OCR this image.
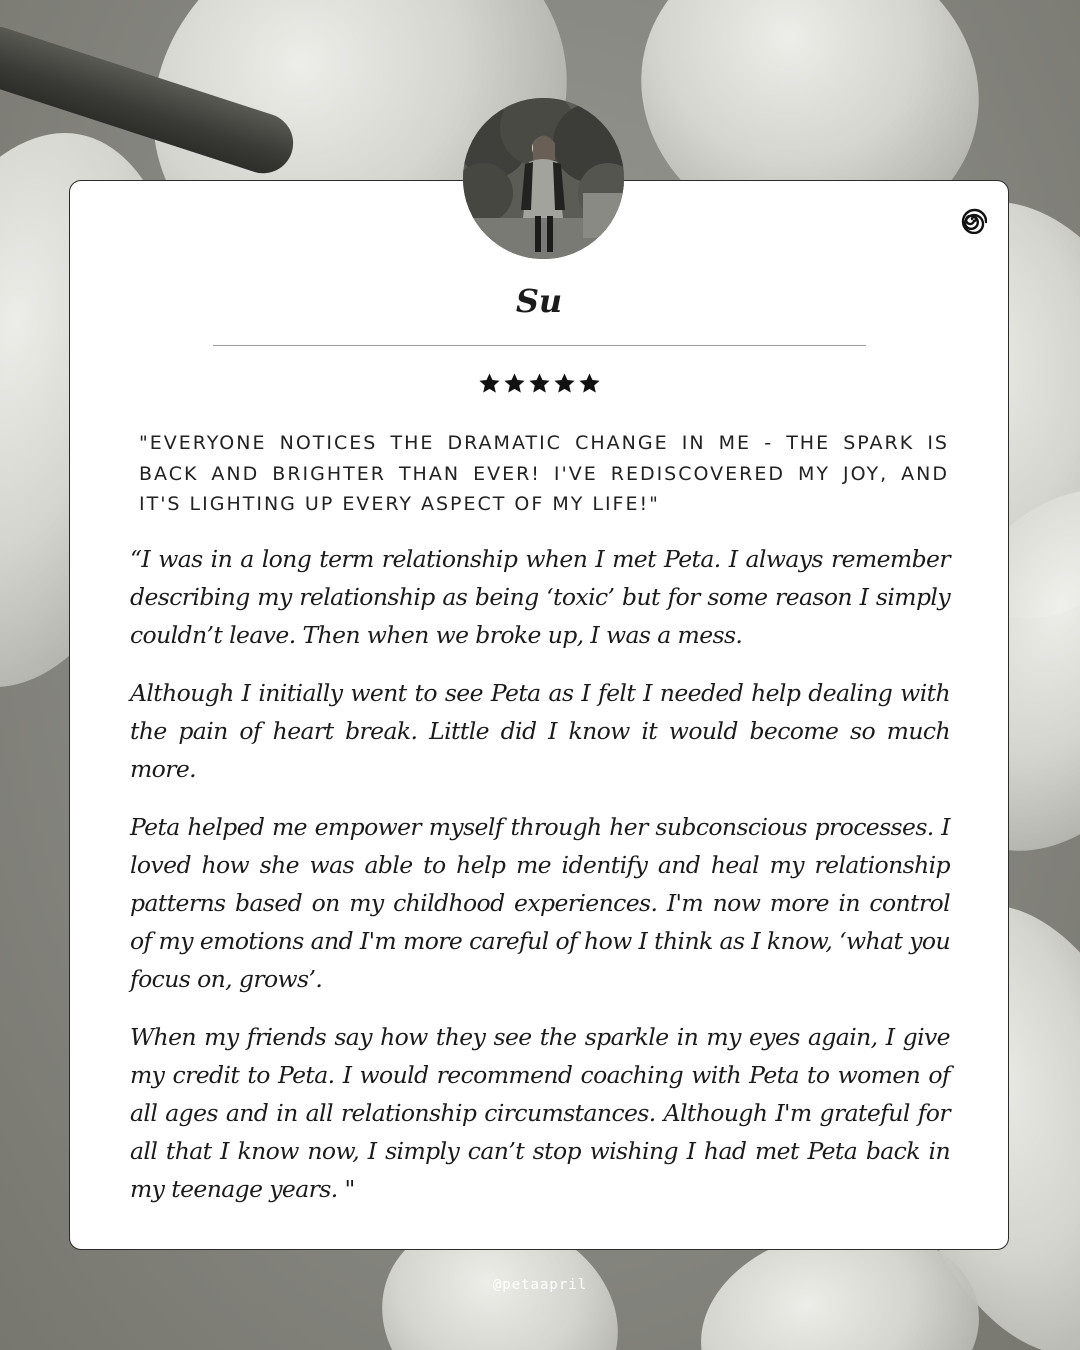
Su

"EVERYONE NOTICES THE DRAMATIC CHANGE IN ME - THE SPARK IS BACK AND BRIGHTER THAN EVER! I'VE REDISCOVERED MY JOY, AND IT'S LIGHTING UP EVERY ASPECT OF MY LIFE!"

“I was in a long term relationship when I met Peta. I always remember describing my relationship as being ‘toxic’ but for some reason I simply couldn’t leave. Then when we broke up, I was a mess.

Although I initially went to see Peta as I felt I needed help dealing with the pain of heart break. Little did I know it would become so much more.

Peta helped me empower myself through her subconscious processes. I loved how she was able to help me identify and heal my relationship patterns based on my childhood experiences. I'm now more in control of my emotions and I'm more careful of how I think as I know, ‘what you focus on, grows’.

When my friends say how they see the sparkle in my eyes again, I give my credit to Peta. I would recommend coaching with Peta to women of all ages and in all relationship circumstances. Although I'm grateful for all that I know now, I simply can’t stop wishing I had met Peta back in my teenage years. "

@petaapril
